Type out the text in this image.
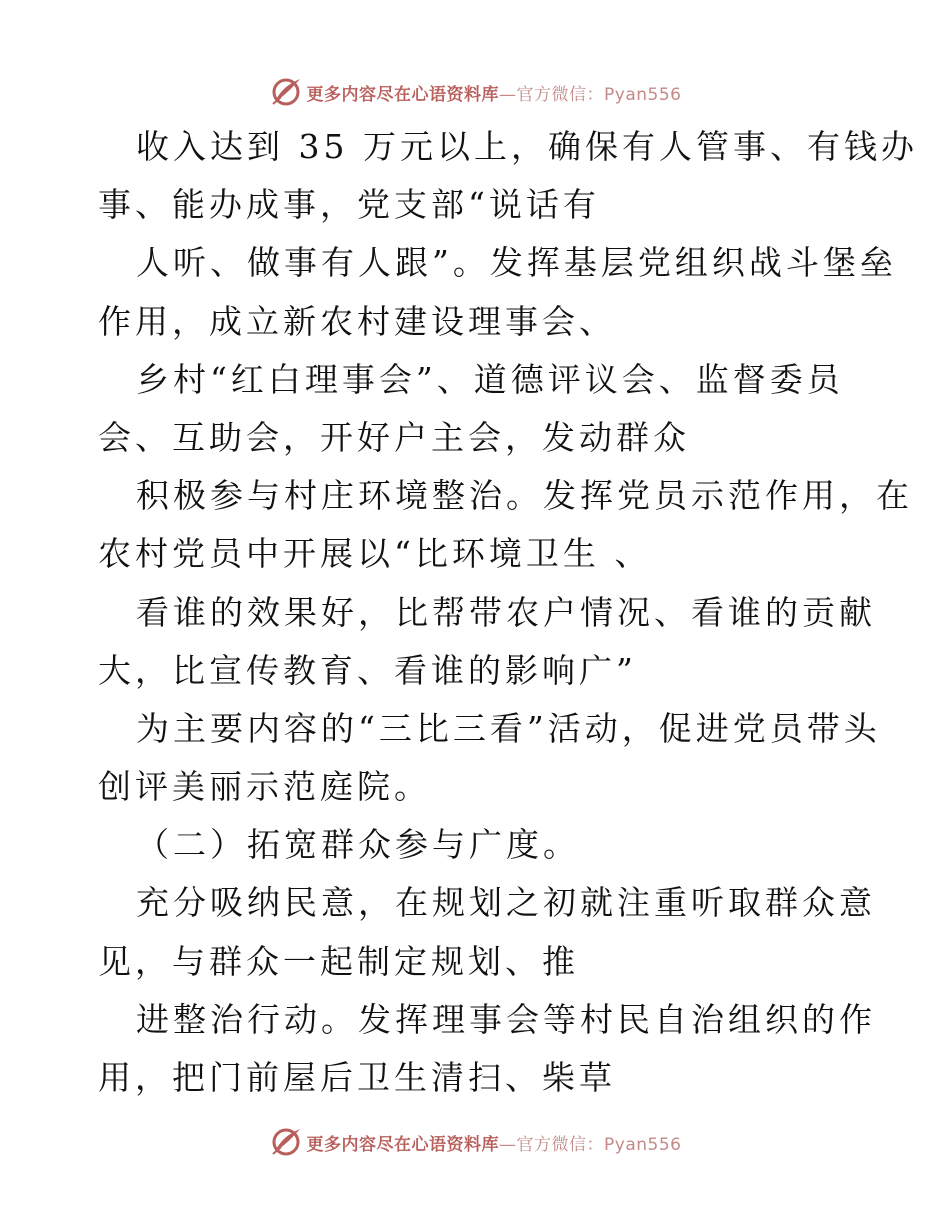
更多内容尽在心语资料库—官方微信：Pyan556
收入达到 35 万元以上，确保有人管事、有钱办
事、能办成事，党支部“说话有
人听、做事有人跟”。发挥基层党组织战斗堡垒
作用，成立新农村建设理事会、
乡村“红白理事会”、道德评议会、监督委员
会、互助会，开好户主会，发动群众
积极参与村庄环境整治。发挥党员示范作用，在
农村党员中开展以“比环境卫生 、
看谁的效果好，比帮带农户情况、看谁的贡献
大，比宣传教育、看谁的影响广”
为主要内容的“三比三看”活动，促进党员带头
创评美丽示范庭院。
（二）拓宽群众参与广度。
充分吸纳民意，在规划之初就注重听取群众意
见，与群众一起制定规划、推
进整治行动。发挥理事会等村民自治组织的作
用，把门前屋后卫生清扫、柴草
更多内容尽在心语资料库—官方微信：Pyan556
